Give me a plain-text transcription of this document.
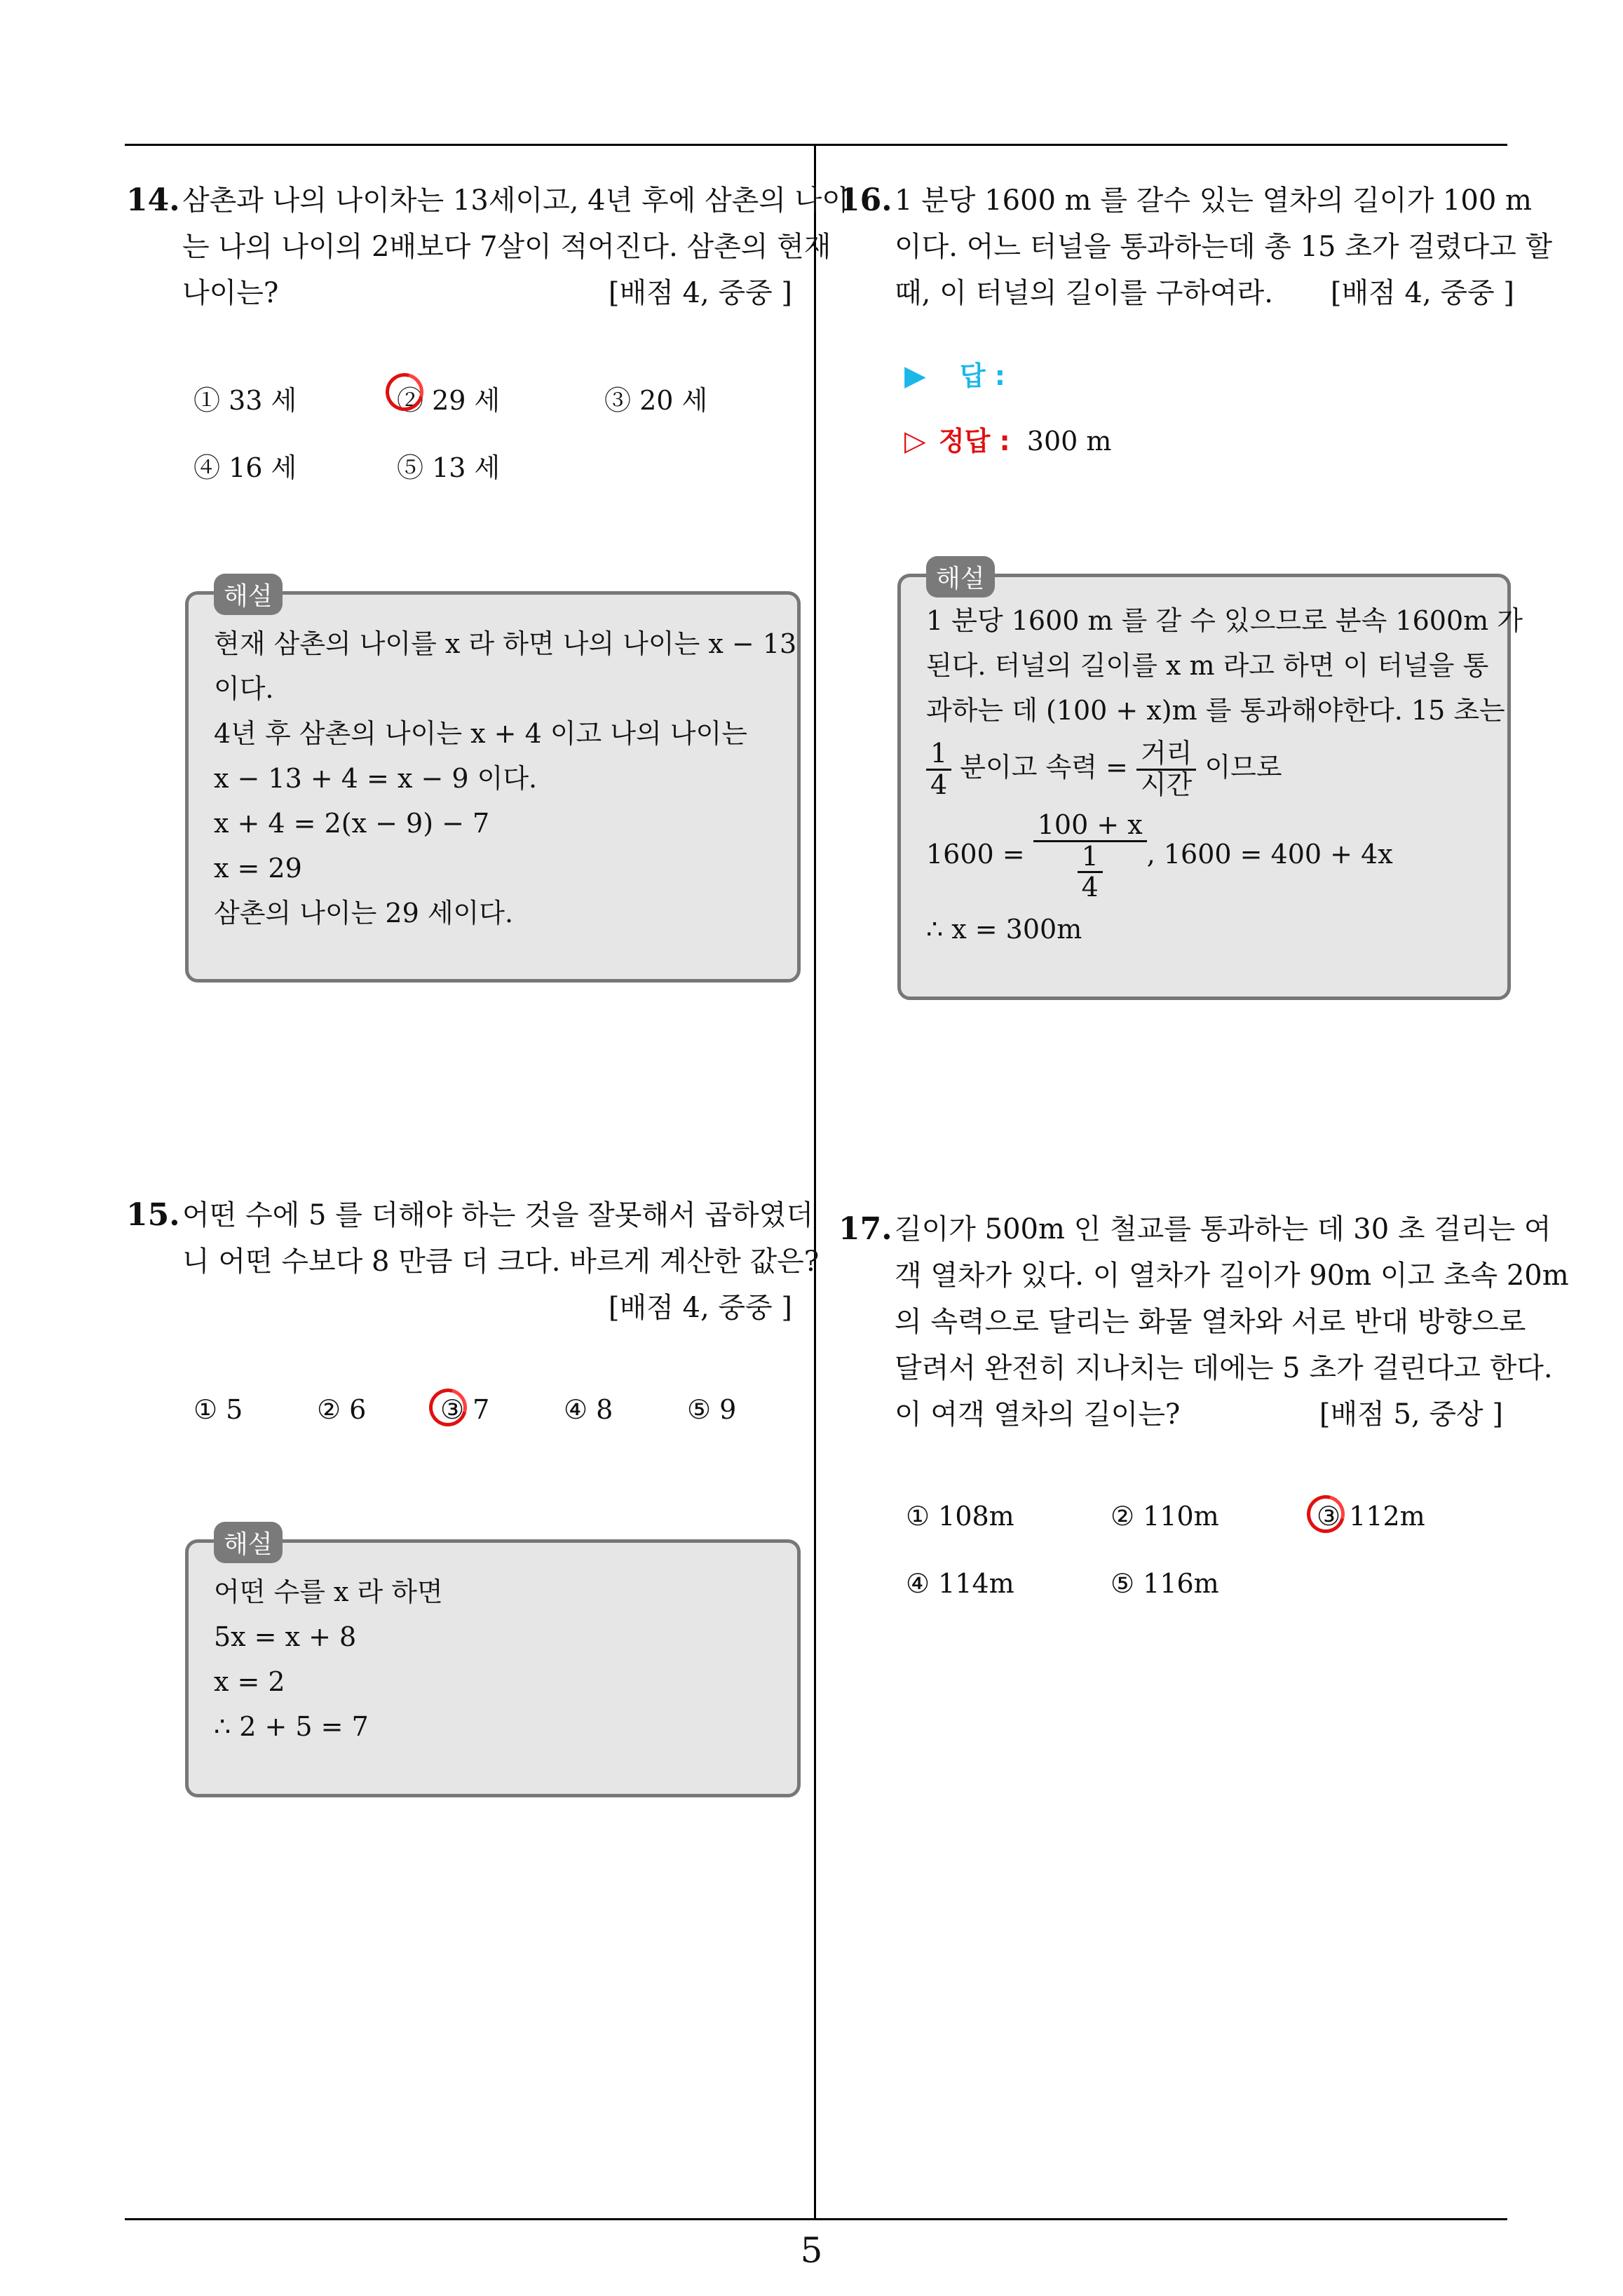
14. 삼촌과 나의 나이차는 13세이고, 4년 후에 삼촌의 나이
는 나의 나이의 2배보다 7살이 적어진다. 삼촌의 현재
나이는?	[배점 4, 중중 ]
① 33 세	② 29 세	③ 20 세
④ 16 세	⑤ 13 세
해설
현재 삼촌의 나이를 x 라 하면 나의 나이는 x − 13
이다.
4년 후 삼촌의 나이는 x + 4 이고 나의 나이는
x − 13 + 4 = x − 9 이다.
x + 4 = 2(x − 9) − 7
x = 29
삼촌의 나이는 29 세이다.
15. 어떤 수에 5 를 더해야 하는 것을 잘못해서 곱하였더
니 어떤 수보다 8 만큼 더 크다. 바르게 계산한 값은?
[배점 4, 중중 ]
① 5	② 6	③ 7	④ 8	⑤ 9
해설
어떤 수를 x 라 하면
5x = x + 8
x = 2
∴ 2 + 5 = 7
16. 1 분당 1600 m 를 갈수 있는 열차의 길이가 100 m
이다. 어느 터널을 통과하는데 총 15 초가 걸렸다고 할
때, 이 터널의 길이를 구하여라. [배점 4, 중중 ]
▶ 답 :
▷ 정답 : 300 m
해설
1 분당 1600 m 를 갈 수 있으므로 분속 1600m 가
된다. 터널의 길이를 x m 라고 하면 이 터널을 통
과하는 데 (100 + x)m 를 통과해야한다. 15 초는
$\frac{1}{4}$ 분이고 속력 = $\frac{\text{거리}}{\text{시간}}$ 이므로
$1600 = \frac{100 + x}{\frac{1}{4}}$ , 1600 = 400 + 4x
∴ x = 300m
17. 길이가 500m 인 철교를 통과하는 데 30 초 걸리는 여
객 열차가 있다. 이 열차가 길이가 90m 이고 초속 20m
의 속력으로 달리는 화물 열차와 서로 반대 방향으로
달려서 완전히 지나치는 데에는 5 초가 걸린다고 한다.
이 여객 열차의 길이는?	[배점 5, 중상 ]
① 108m	② 110m	③ 112m
④ 114m	⑤ 116m
5
